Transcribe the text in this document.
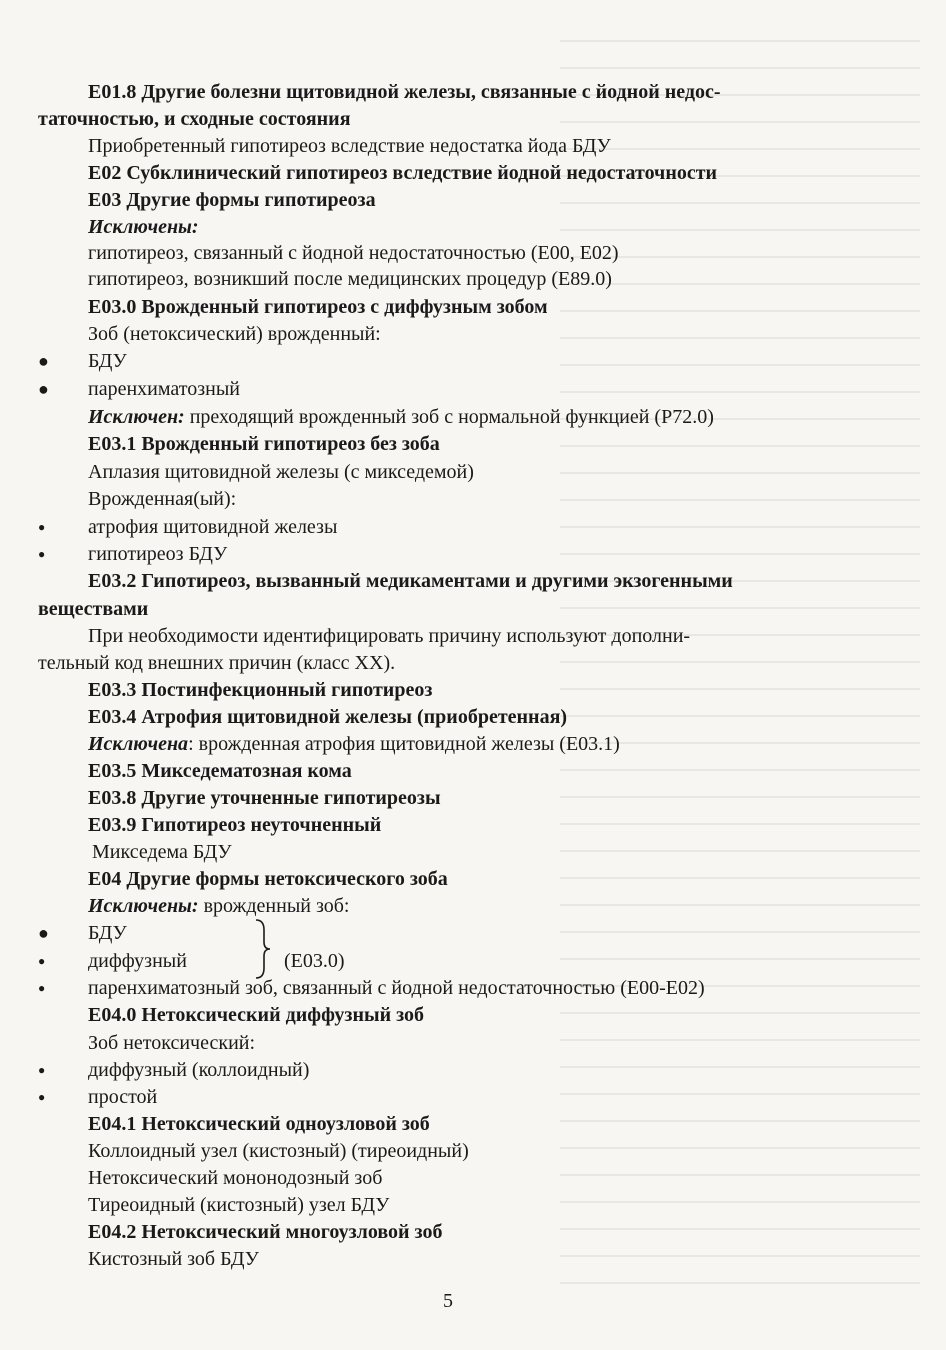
E01.8 Другие болезни щитовидной железы, связанные с йодной недос-
таточностью, и сходные состояния
Приобретенный гипотиреоз вследствие недостатка йода БДУ
E02 Субклинический гипотиреоз вследствие йодной недостаточности
E03 Другие формы гипотиреоза
Исключены:
гипотиреоз, связанный с йодной недостаточностью (E00, E02)
гипотиреоз, возникший после медицинских процедур (E89.0)
E03.0 Врожденный гипотиреоз с диффузным зобом
Зоб (нетоксический) врожденный:
● БДУ
● паренхиматозный
Исключен: преходящий врожденный зоб с нормальной функцией (P72.0)
E03.1 Врожденный гипотиреоз без зоба
Аплазия щитовидной железы (с микседемой)
Врожденная(ый):
● атрофия щитовидной железы
● гипотиреоз БДУ
E03.2 Гипотиреоз, вызванный медикаментами и другими экзогенными
веществами
При необходимости идентифицировать причину используют дополни-
тельный код внешних причин (класс XX).
E03.3 Постинфекционный гипотиреоз
E03.4 Атрофия щитовидной железы (приобретенная)
Исключена: врожденная атрофия щитовидной железы (E03.1)
E03.5 Микседематозная кома
E03.8 Другие уточненные гипотиреозы
E03.9 Гипотиреоз неуточненный
Микседема БДУ
E04 Другие формы нетоксического зоба
Исключены: врожденный зоб:
● БДУ
● диффузный	(E03.0)
● паренхиматозный зоб, связанный с йодной недостаточностью (E00-E02)
E04.0 Нетоксический диффузный зоб
Зоб нетоксический:
● диффузный (коллоидный)
● простой
E04.1 Нетоксический одноузловой зоб
Коллоидный узел (кистозный) (тиреоидный)
Нетоксический мононодозный зоб
Тиреоидный (кистозный) узел БДУ
E04.2 Нетоксический многоузловой зоб
Кистозный зоб БДУ
5
